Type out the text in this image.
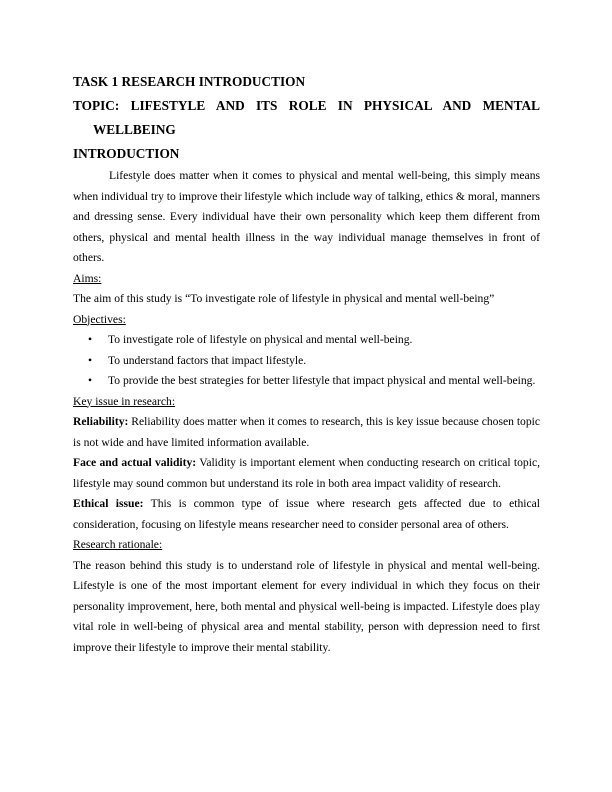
TASK 1 RESEARCH INTRODUCTION
TOPIC: LIFESTYLE AND ITS ROLE IN PHYSICAL AND MENTAL
WELLBEING
INTRODUCTION

Lifestyle does matter when it comes to physical and mental well-being, this simply means when individual try to improve their lifestyle which include way of talking, ethics & moral, manners and dressing sense. Every individual have their own personality which keep them different from others, physical and mental health illness in the way individual manage themselves in front of others.

Aims:

The aim of this study is “To investigate role of lifestyle in physical and mental well-being”

Objectives:
• To investigate role of lifestyle on physical and mental well-being.
• To understand factors that impact lifestyle.
• To provide the best strategies for better lifestyle that impact physical and mental well-being.
Key issue in research:

Reliability: Reliability does matter when it comes to research, this is key issue because chosen topic is not wide and have limited information available.

Face and actual validity: Validity is important element when conducting research on critical topic, lifestyle may sound common but understand its role in both area impact validity of research.

Ethical issue: This is common type of issue where research gets affected due to ethical consideration, focusing on lifestyle means researcher need to consider personal area of others.

Research rationale:

The reason behind this study is to understand role of lifestyle in physical and mental well-being. Lifestyle is one of the most important element for every individual in which they focus on their personality improvement, here, both mental and physical well-being is impacted. Lifestyle does play vital role in well-being of physical area and mental stability, person with depression need to first improve their lifestyle to improve their mental stability.
